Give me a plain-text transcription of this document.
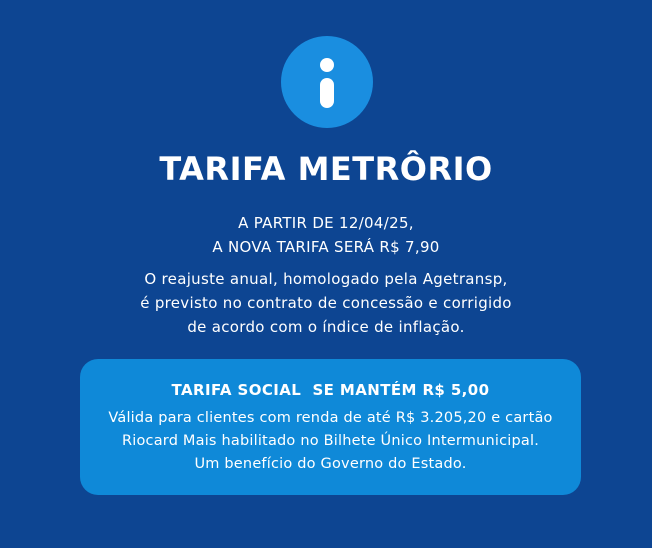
TARIFA METRÔRIO
A PARTIR DE 12/04/25,
A NOVA TARIFA SERÁ R$ 7,90
O reajuste anual, homologado pela Agetransp,
é previsto no contrato de concessão e corrigido
de acordo com o índice de inflação.
TARIFA SOCIAL  SE MANTÉM R$ 5,00
Válida para clientes com renda de até R$ 3.205,20 e cartão
Riocard Mais habilitado no Bilhete Único Intermunicipal.
Um benefício do Governo do Estado.
